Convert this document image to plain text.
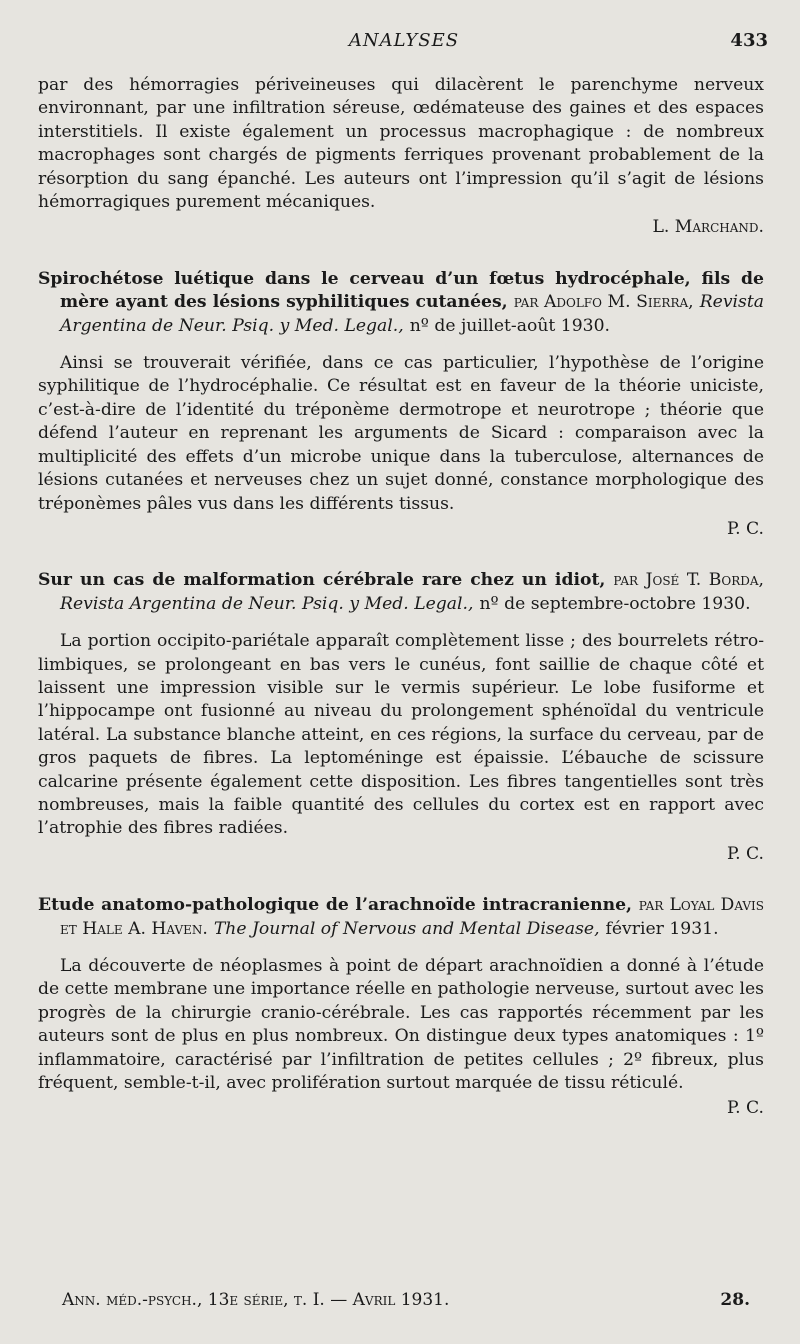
ANALYSES	433

par des hémorragies périveineuses qui dilacèrent le parenchyme nerveux environnant, par une infiltration séreuse, œdémateuse des gaines et des espaces interstitiels. Il existe également un processus macrophagique : de nombreux macrophages sont chargés de pigments ferriques provenant probablement de la résorption du sang épanché. Les auteurs ont l’impression qu’il s’agit de lésions hémorragiques purement mécaniques.

L. Marchand.

Spirochétose luétique dans le cerveau d’un fœtus hydrocéphale, fils de mère ayant des lésions syphilitiques cutanées, par Adolfo M. Sierra, Revista Argentina de Neur. Psiq. y Med. Legal., nº de juillet-août 1930.

Ainsi se trouverait vérifiée, dans ce cas particulier, l’hypothèse de l’origine syphilitique de l’hydrocéphalie. Ce résultat est en faveur de la théorie uniciste, c’est-à-dire de l’identité du tréponème dermotrope et neurotrope ; théorie que défend l’auteur en reprenant les arguments de Sicard : comparaison avec la multiplicité des effets d’un microbe unique dans la tuberculose, alternances de lésions cutanées et nerveuses chez un sujet donné, constance morphologique des tréponèmes pâles vus dans les différents tissus.

P. C.

Sur un cas de malformation cérébrale rare chez un idiot, par José T. Borda, Revista Argentina de Neur. Psiq. y Med. Legal., nº de septembre-octobre 1930.

La portion occipito-pariétale apparaît complètement lisse ; des bourrelets rétro-limbiques, se prolongeant en bas vers le cunéus, font saillie de chaque côté et laissent une impression visible sur le vermis supérieur. Le lobe fusiforme et l’hippocampe ont fusionné au niveau du prolongement sphénoïdal du ventricule latéral. La substance blanche atteint, en ces régions, la surface du cerveau, par de gros paquets de fibres. La leptoméninge est épaissie. L’ébauche de scissure calcarine présente également cette disposition. Les fibres tangentielles sont très nombreuses, mais la faible quantité des cellules du cortex est en rapport avec l’atrophie des fibres radiées.

P. C.

Etude anatomo-pathologique de l’arachnoïde intracranienne, par Loyal Davis et Hale A. Haven. The Journal of Nervous and Mental Disease, février 1931.

La découverte de néoplasmes à point de départ arachnoïdien a donné à l’étude de cette membrane une importance réelle en pathologie nerveuse, surtout avec les progrès de la chirurgie cranio-cérébrale. Les cas rapportés récemment par les auteurs sont de plus en plus nombreux. On distingue deux types anatomiques : 1º inflammatoire, caractérisé par l’infiltration de petites cellules ; 2º fibreux, plus fréquent, semble-t-il, avec prolifération surtout marquée de tissu réticulé.

P. C.

Ann. méd.-psych., 13e série, t. I. — Avril 1931.	28.
